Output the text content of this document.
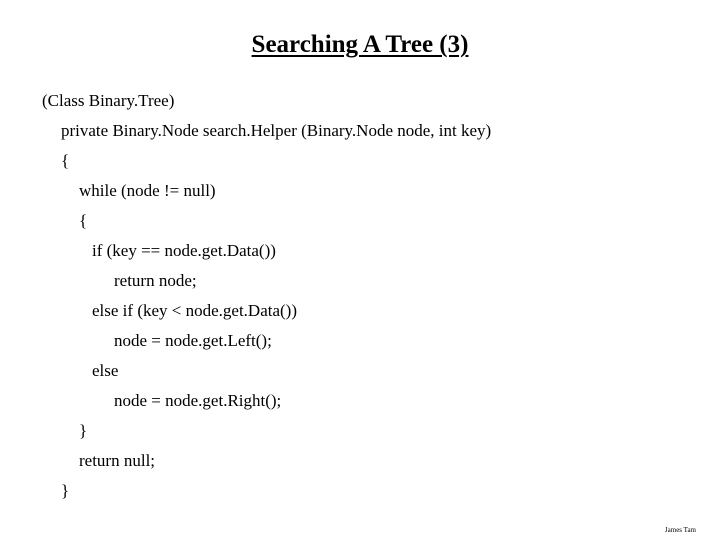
Searching A Tree (3)
(Class Binary.Tree)
private Binary.Node search.Helper (Binary.Node node, int key)
{
while (node != null)
{
if (key == node.get.Data())
return node;
else if (key < node.get.Data())
node = node.get.Left();
else
node = node.get.Right();
}
return null;
}
James Tam
